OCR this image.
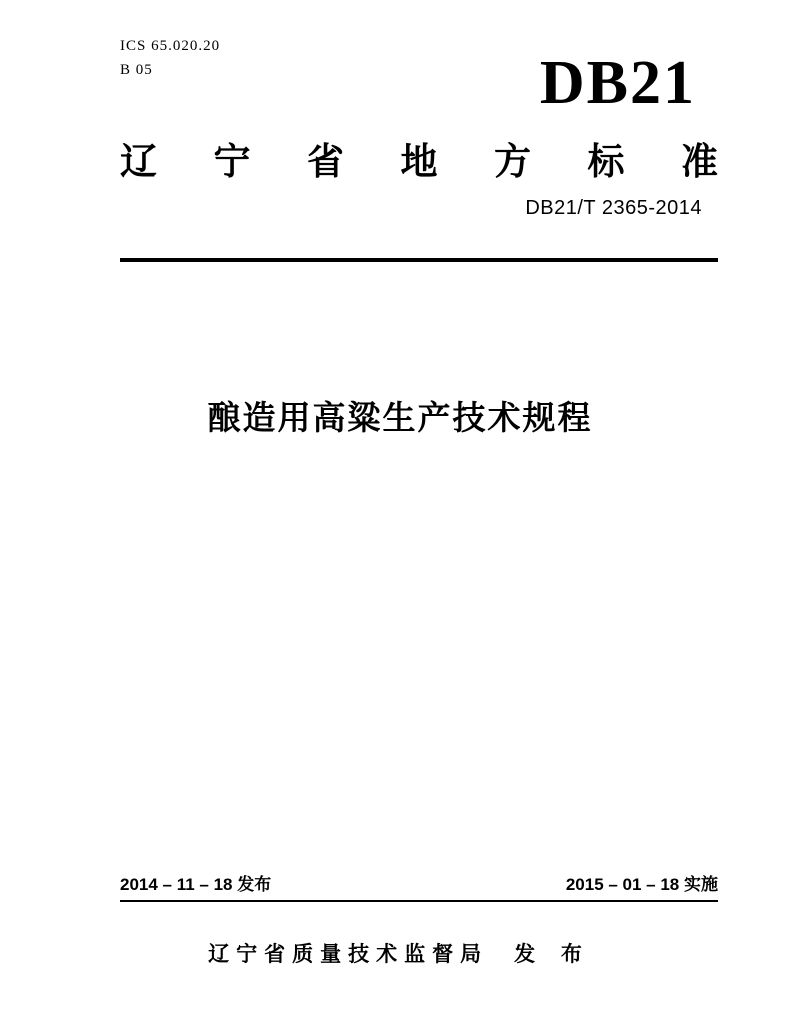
ICS 65.020.20
B 05	DB21
辽 宁 省 地 方 标 准
DB21/T 2365-2014
酿造用高粱生产技术规程
2014 – 11 – 18 发布	2015 – 01 – 18 实施
辽宁省质量技术监督局 发 布
